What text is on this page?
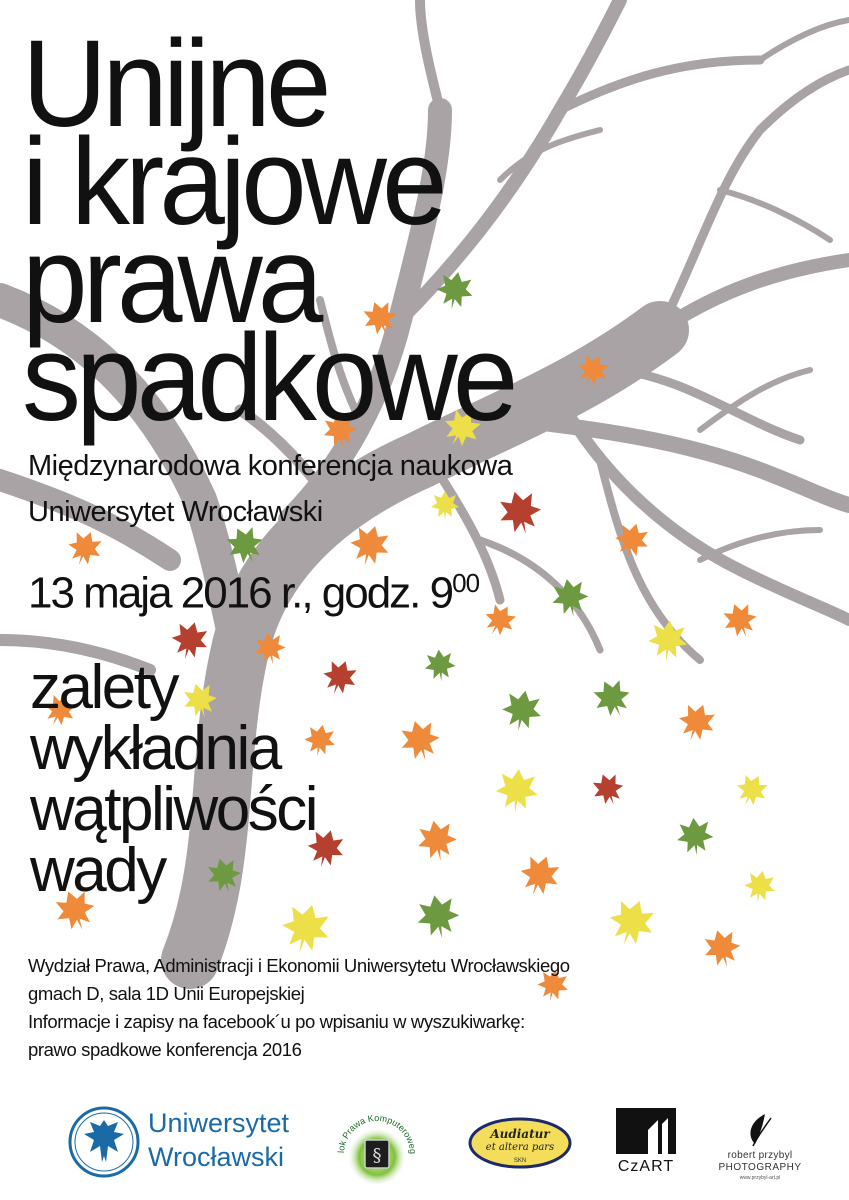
Unijne
i krajowe
prawa
spadkowe
Międzynarodowa konferencja naukowa
Uniwersytet Wrocławski
13 maja 2016 r., godz. $9^{00}$
zalety
wykładnia
wątpliwości
wady
Wydział Prawa, Administracji i Ekonomii Uniwersytetu Wrocławskiego
gmach D, sala 1D Unii Europejskiej
Informacje i zapisy na facebook´u po wpisaniu w wyszukiwarkę:
prawo spadkowe konferencja 2016
Uniwersytet
Wrocławski	§
lok Prawa Komputeroweg
Audiatur
et altera pars
SKN	CzART
robert przybyl
PHOTOGRAPHY
www.przybyl-art.pl
